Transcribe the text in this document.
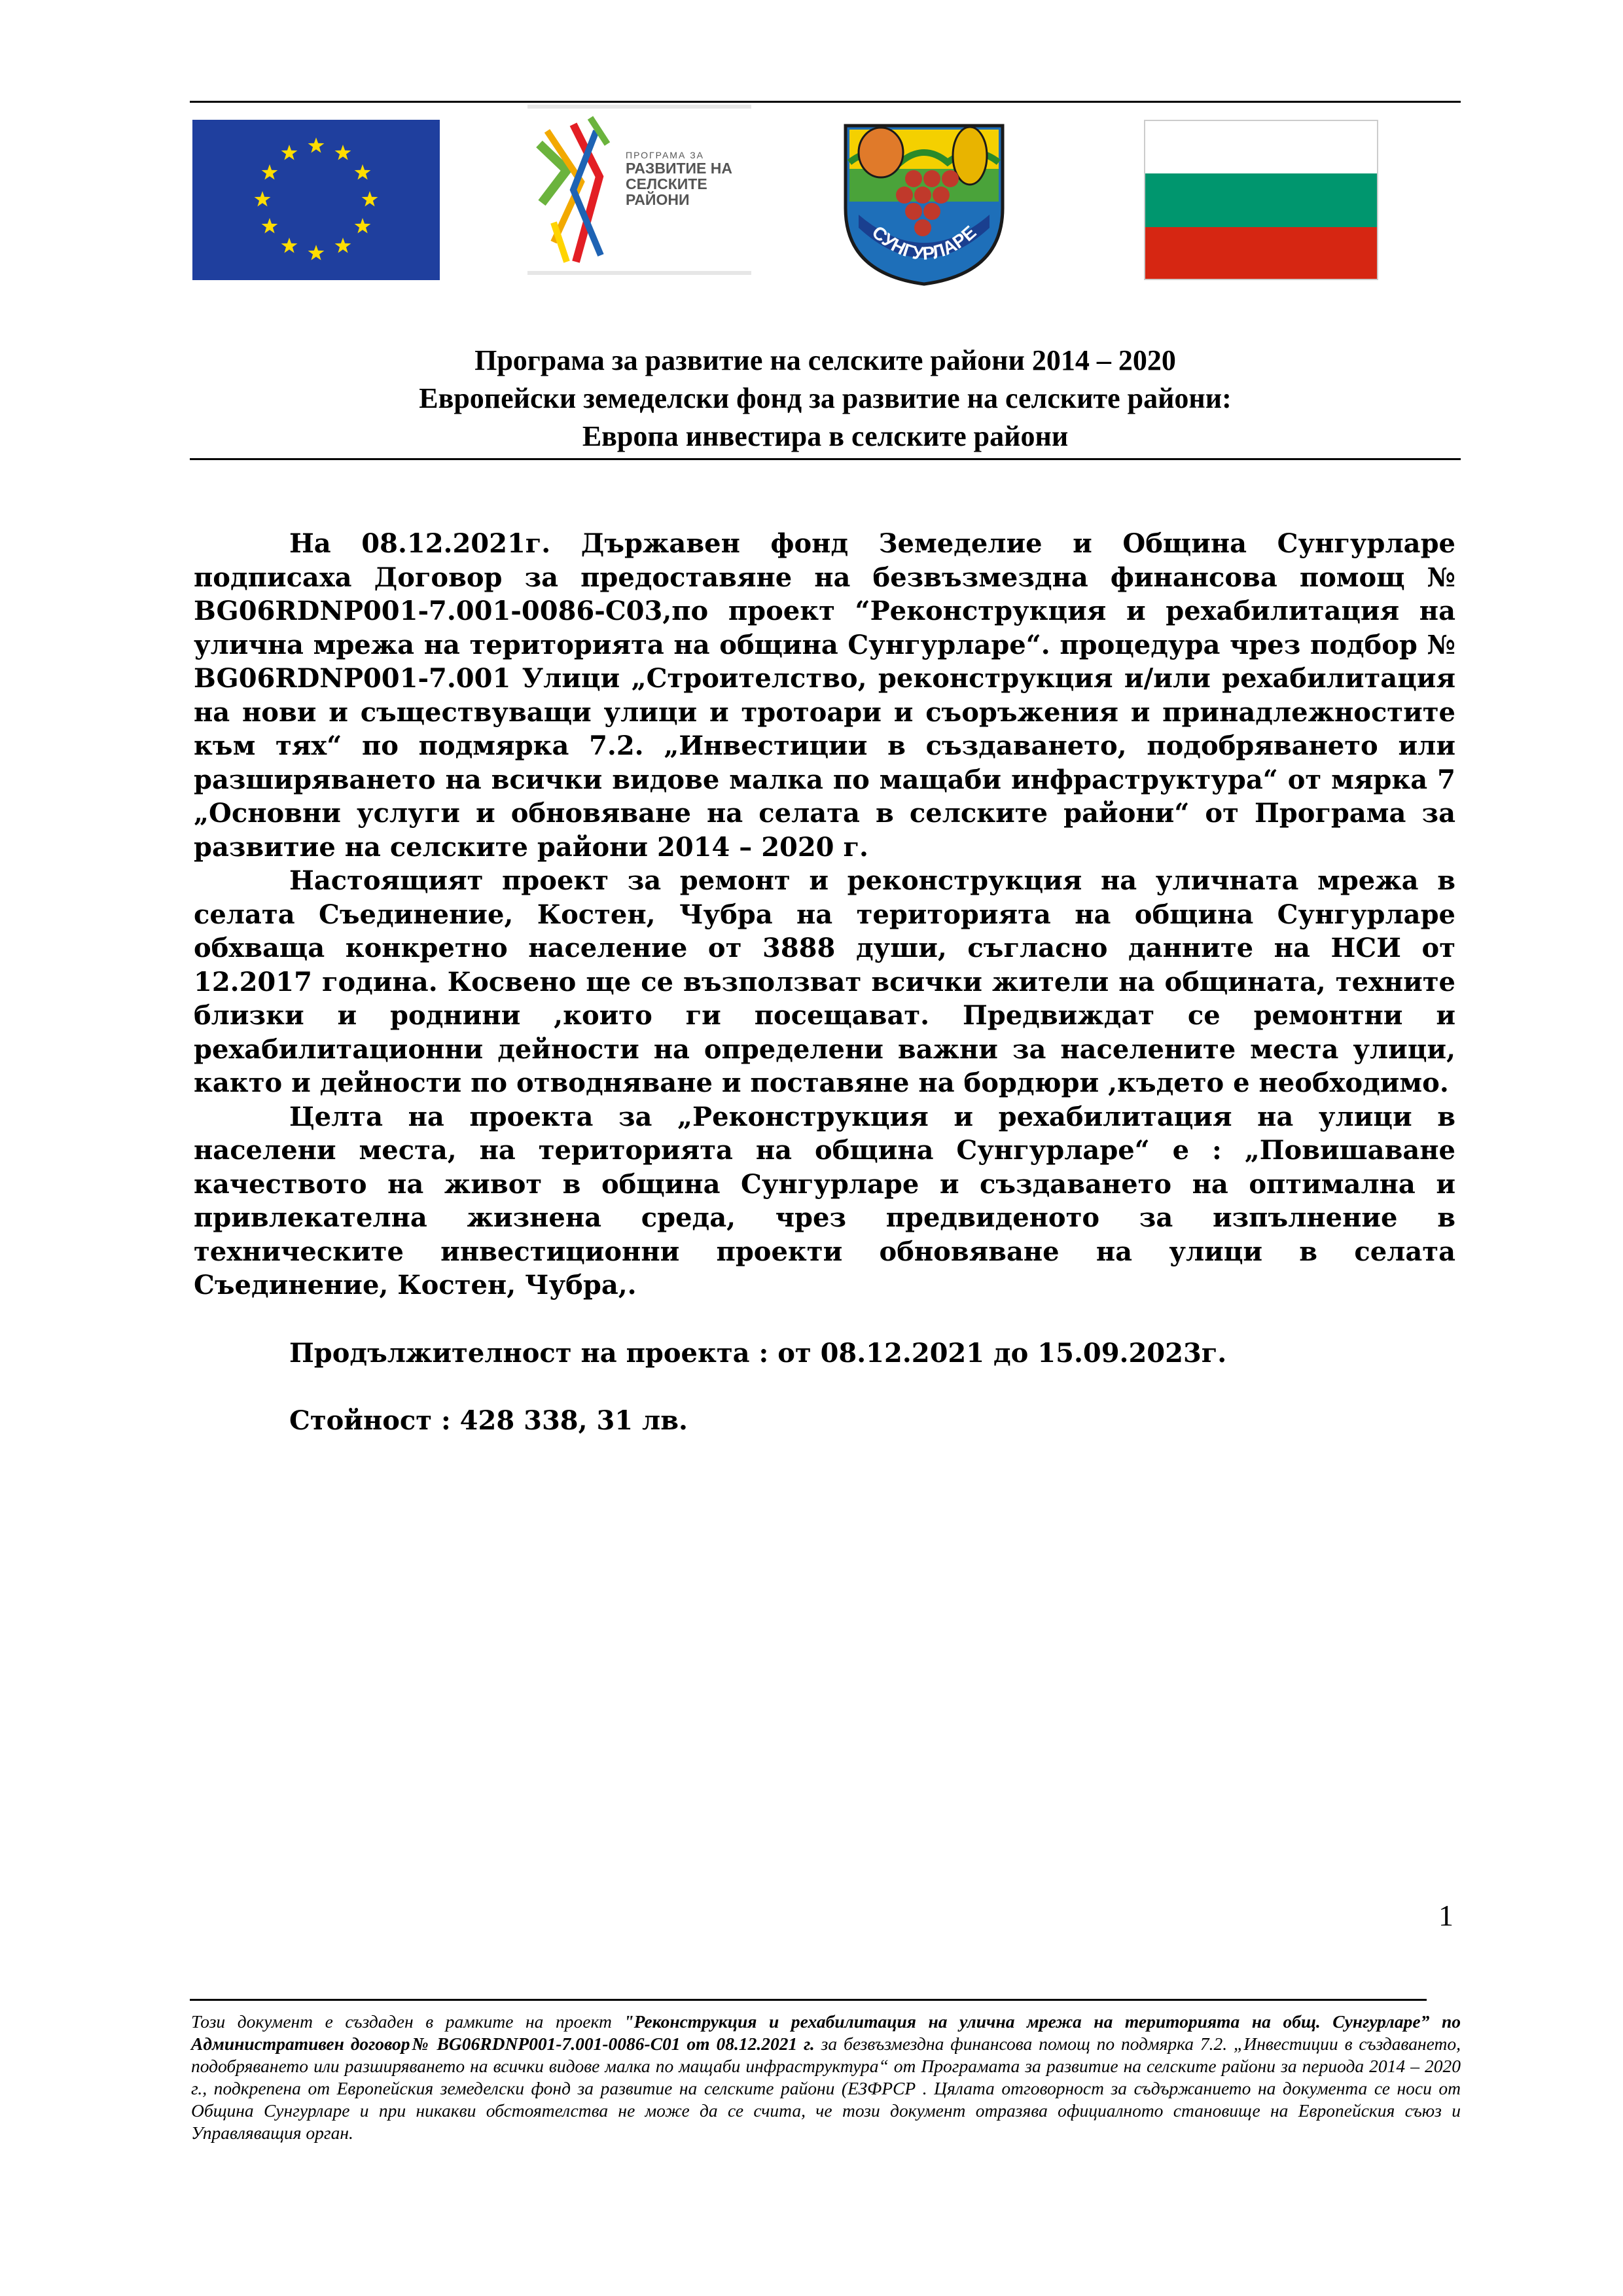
ПРОГРАМА ЗА
РАЗВИТИЕ НА
СЕЛСКИТЕ РАЙОНИ
СУНГУРЛАРЕ
Програма за развитие на селските райони 2014 – 2020
Европейски земеделски фонд за развитие на селските райони:
Европа инвестира в селските райони

На 08.12.2021г. Държавен фонд Земеделие и Община Сунгурларе подписаха Договор за предоставяне на безвъзмездна финансова помощ № BG06RDNP001-7.001-0086-C03,по проект “Реконструкция и рехабилитация на улична мрежа на територията на община Сунгурларе“. процедура чрез подбор № BG06RDNP001-7.001 Улици „Строителство, реконструкция и/или рехабилитация на нови и съществуващи улици и тротоари и съоръжения и принадлежностите към тях“ по подмярка 7.2. „Инвестиции в създаването, подобряването или разширяването на всички видове малка по мащаби инфраструктура“ от мярка 7 „Основни услуги и обновяване на селата в селските райони“ от Програма за развитие на селските райони 2014 – 2020 г.

Настоящият проект за ремонт и реконструкция на уличната мрежа в селата Съединение, Костен, Чубра на територията на община Сунгурларе обхваща конкретно население от 3888 души, съгласно данните на НСИ от 12.2017 година. Косвено ще се възползват всички жители на общината, техните близки и роднини ,които ги посещават. Предвиждат се ремонтни и рехабилитационни дейности на определени важни за населените места улици, както и дейности по отводняване и поставяне на бордюри ,където е необходимо.

Целта на проекта за „Реконструкция и рехабилитация на улици в населени места, на територията на община Сунгурларе“ е : „Повишаване качеството на живот в община Сунгурларе и създаването на оптимална и привлекателна жизнена среда, чрез предвиденото за изпълнение в техническите инвестиционни проекти обновяване на улици в селата Съединение, Костен, Чубра,.

Продължителност на проекта : от 08.12.2021 до 15.09.2023г.

Стойност : 428 338, 31 лв.

1
Този документ е създаден в рамките на проект "Реконструкция и рехабилитация на улична мрежа на територията на общ. Сунгурларе” по Административен договор№ BG06RDNP001-7.001-0086-C01 от 08.12.2021 г. за безвъзмездна финансова помощ по подмярка 7.2. „Инвестиции в създаването, подобряването или разширяването на всички видове малка по мащаби инфраструктура“ от Програмата за развитие на селските райони за периода 2014 – 2020 г., подкрепена от Европейския земеделски фонд за развитие на селските райони (ЕЗФРСР . Цялата отговорност за съдържанието на документа се носи от Община Сунгурларе и при никакви обстоятелства не може да се счита, че този документ отразява официалното становище на Европейския съюз и Управляващия орган.
